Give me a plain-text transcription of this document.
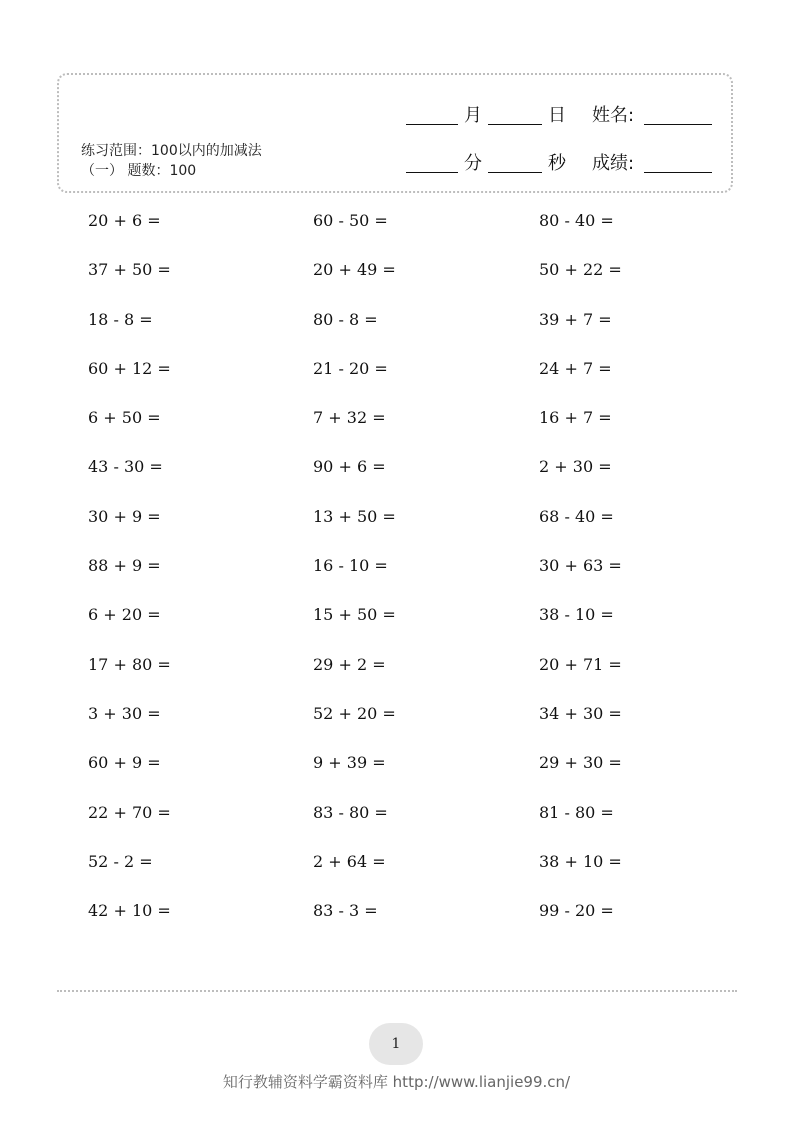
月	日 姓名:
分	秒 成绩:
练习范围：100以内的加减法
（一） 题数：100
20 + 6 =	60 - 50 =	80 - 40 =
37 + 50 =	20 + 49 =	50 + 22 =
18 - 8 =	80 - 8 =	39 + 7 =
60 + 12 =	21 - 20 =	24 + 7 =
6 + 50 =	7 + 32 =	16 + 7 =
43 - 30 =	90 + 6 =	2 + 30 =
30 + 9 =	13 + 50 =	68 - 40 =
88 + 9 =	16 - 10 =	30 + 63 =
6 + 20 =	15 + 50 =	38 - 10 =
17 + 80 =	29 + 2 =	20 + 71 =
3 + 30 =	52 + 20 =	34 + 30 =
60 + 9 =	9 + 39 =	29 + 30 =
22 + 70 =	83 - 80 =	81 - 80 =
52 - 2 =	2 + 64 =	38 + 10 =
42 + 10 =	83 - 3 =	99 - 20 =
1
知行教辅资料学霸资料库 http://www.lianjie99.cn/
